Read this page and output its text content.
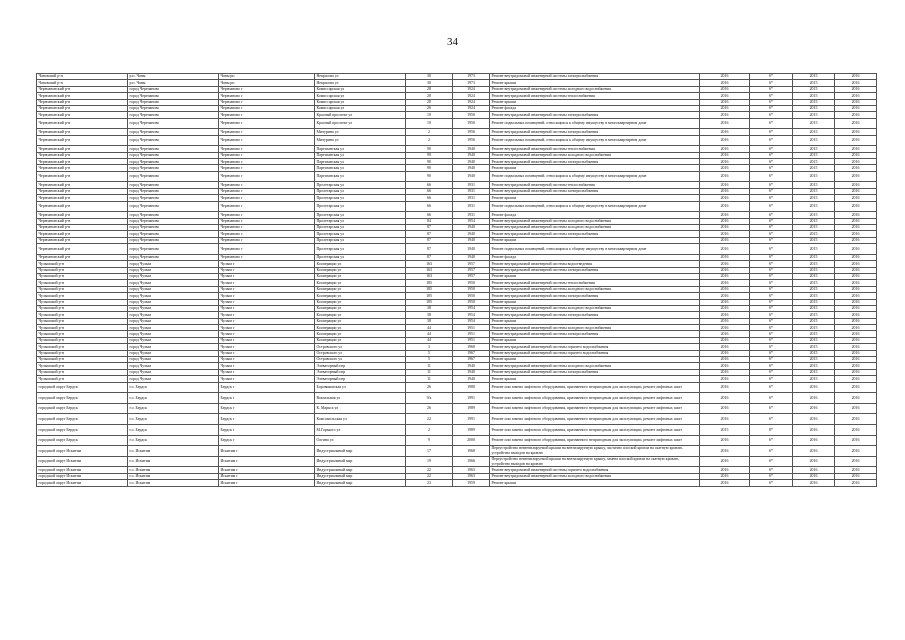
34
Чановский р-н	р.п. Чаны	Чаны рп	Некрасова ул	30	1973	Ремонт внутридомовой инженерной системы электроснабжения	2016	6*	2015	2016
Чановский р-н	р.п. Чаны	Чаны рп	Некрасова ул	30	1973	Ремонт крыши	2016	6*	2015	2016
Черепановский р-н	город Черепаново	Черепаново г	Комиссарская ул	28	1924	Ремонт внутридомовой инженерной системы холодного водоснабжения	2016	6*	2015	2016
Черепановский р-н	город Черепаново	Черепаново г	Комиссарская ул	28	1924	Ремонт внутридомовой инженерной системы теплоснабжения	2016	6*	2015	2016
Черепановский р-н	город Черепаново	Черепаново г	Комиссарская ул	28	1924	Ремонт крыши	2016	6*	2015	2016
Черепановский р-н	город Черепаново	Черепаново г	Комиссарская ул	26	1924	Ремонт фасада	2016	6*	2015	2016
Черепановский р-н	город Черепаново	Черепаново г	Красный проспект ул	10	1950	Ремонт внутридомовой инженерной системы электроснабжения	2016	6*	2015	2016
Черепановский р-н	город Черепаново	Черепаново г	Красный проспект ул	10	1950	Ремонт подвальных помещений, относящихся к общему имуществу в многоквартирном доме	2016	6*	2015	2016
Черепановский р-н	город Черепаново	Черепаново г	Мичурина ул	2	1956	Ремонт внутридомовой инженерной системы электроснабжения	2016	6*	2015	2016
Черепановский р-н	город Черепаново	Черепаново г	Мичурина ул	2	1956	Ремонт подвальных помещений, относящихся к общему имуществу в многоквартирном доме	2016	6*	2015	2016
Черепановский р-н	город Черепаново	Черепаново г	Партизанская ул	90	1940	Ремонт внутридомовой инженерной системы теплоснабжения	2016	6*	2015	2016
Черепановский р-н	город Черепаново	Черепаново г	Партизанская ул	90	1940	Ремонт внутридомовой инженерной системы холодного водоснабжения	2016	6*	2015	2016
Черепановский р-н	город Черепаново	Черепаново г	Партизанская ул	90	1940	Ремонт внутридомовой инженерной системы электроснабжения	2016	6*	2015	2016
Черепановский р-н	город Черепаново	Черепаново г	Партизанская ул	90	1940	Ремонт крыши	2016	6*	2015	2016
Черепановский р-н	город Черепаново	Черепаново г	Партизанская ул	90	1940	Ремонт подвальных помещений, относящихся к общему имуществу в многоквартирном доме	2016	6*	2015	2016
Черепановский р-н	город Черепаново	Черепаново г	Пролетарская ул	66	1931	Ремонт внутридомовой инженерной системы теплоснабжения	2016	6*	2015	2016
Черепановский р-н	город Черепаново	Черепаново г	Пролетарская ул	66	1931	Ремонт внутридомовой инженерной системы электроснабжения	2016	6*	2015	2016
Черепановский р-н	город Черепаново	Черепаново г	Пролетарская ул	66	1931	Ремонт крыши	2016	6*	2015	2016
Черепановский р-н	город Черепаново	Черепаново г	Пролетарская ул	66	1931	Ремонт подвальных помещений, относящихся к общему имуществу в многоквартирном доме	2016	6*	2015	2016
Черепановский р-н	город Черепаново	Черепаново г	Пролетарская ул	66	1931	Ремонт фасада	2016	6*	2015	2016
Черепановский р-н	город Черепаново	Черепаново г	Пролетарская ул	84	1954	Ремонт внутридомовой инженерной системы холодного водоснабжения	2016	6*	2015	2016
Черепановский р-н	город Черепаново	Черепаново г	Пролетарская ул	87	1940	Ремонт внутридомовой инженерной системы холодного водоснабжения	2016	6*	2015	2016
Черепановский р-н	город Черепаново	Черепаново г	Пролетарская ул	87	1940	Ремонт внутридомовой инженерной системы электроснабжения	2016	6*	2015	2016
Черепановский р-н	город Черепаново	Черепаново г	Пролетарская ул	87	1940	Ремонт крыши	2016	6*	2015	2016
Черепановский р-н	город Черепаново	Черепаново г	Пролетарская ул	87	1940	Ремонт подвальных помещений, относящихся к общему имуществу в многоквартирном доме	2016	6*	2015	2016
Черепановский р-н	город Черепаново	Черепаново г	Пролетарская ул	87	1940	Ремонт фасада	2016	6*	2015	2016
Чулымский р-н	город Чулым	Чулым г	Кооперации ул	163	1957	Ремонт внутридомовой инженерной системы водоотведения	2016	6*	2015	2016
Чулымский р-н	город Чулым	Чулым г	Кооперации ул	163	1957	Ремонт внутридомовой инженерной системы электроснабжения	2016	6*	2015	2016
Чулымский р-н	город Чулым	Чулым г	Кооперации ул	163	1957	Ремонт крыши	2016	6*	2015	2016
Чулымский р-н	город Чулым	Чулым г	Кооперации ул	185	1950	Ремонт внутридомовой инженерной системы теплоснабжения	2016	6*	2015	2016
Чулымский р-н	город Чулым	Чулым г	Кооперации ул	185	1950	Ремонт внутридомовой инженерной системы холодного водоснабжения	2016	6*	2015	2016
Чулымский р-н	город Чулым	Чулым г	Кооперации ул	185	1950	Ремонт внутридомовой инженерной системы электроснабжения	2016	6*	2015	2016
Чулымский р-н	город Чулым	Чулым г	Кооперации ул	185	1950	Ремонт крыши	2016	6*	2015	2016
Чулымский р-н	город Чулым	Чулым г	Кооперации ул	38	1954	Ремонт внутридомовой инженерной системы холодного водоснабжения	2016	6*	2015	2016
Чулымский р-н	город Чулым	Чулым г	Кооперации ул	38	1954	Ремонт внутридомовой инженерной системы электроснабжения	2016	6*	2015	2016
Чулымский р-н	город Чулым	Чулым г	Кооперации ул	38	1954	Ремонт крыши	2016	6*	2015	2016
Чулымский р-н	город Чулым	Чулым г	Кооперации ул	44	1951	Ремонт внутридомовой инженерной системы холодного водоснабжения	2016	6*	2015	2016
Чулымский р-н	город Чулым	Чулым г	Кооперации ул	44	1951	Ремонт внутридомовой инженерной системы электроснабжения	2016	6*	2015	2016
Чулымский р-н	город Чулым	Чулым г	Кооперации ул	44	1951	Ремонт крыши	2016	6*	2015	2016
Чулымский р-н	город Чулым	Чулым г	Островского ул	3	1968	Ремонт внутридомовой инженерной системы горячего водоснабжения	2016	6*	2015	2016
Чулымский р-н	город Чулым	Чулым г	Островского ул	5	1967	Ремонт внутридомовой инженерной системы горячего водоснабжения	2016	6*	2015	2016
Чулымский р-н	город Чулым	Чулым г	Островского ул	5	1967	Ремонт крыши	2016	6*	2015	2016
Чулымский р-н	город Чулым	Чулым г	Элеваторный пер	11	1940	Ремонт внутридомовой инженерной системы холодного водоснабжения	2016	6*	2015	2016
Чулымский р-н	город Чулым	Чулым г	Элеваторный пер	11	1940	Ремонт внутридомовой инженерной системы электроснабжения	2016	6*	2015	2016
Чулымский р-н	город Чулым	Чулым г	Элеваторный пер	11	1940	Ремонт крыши	2016	6*	2015	2016
городской округ Бердск	г.о. Бердск	Бердск г	Боровиковская ул	26	1980	Ремонт или замена лифтового оборудования, признанного непригодным для эксплуатации, ремонт лифтовых шахт	2016	6*	2016	2016
городской округ Бердск	г.о. Бердск	Бердск г	Вокзальная ул	9/а	1991	Ремонт или замена лифтового оборудования, признанного непригодным для эксплуатации, ремонт лифтовых шахт	2016	6*	2016	2016
городской округ Бердск	г.о. Бердск	Бердск г	К. Маркса ул	26	1989	Ремонт или замена лифтового оборудования, признанного непригодным для эксплуатации, ремонт лифтовых шахт	2016	6*	2016	2016
городской округ Бердск	г.о. Бердск	Бердск г	Комсомольская ул	22	1991	Ремонт или замена лифтового оборудования, признанного непригодным для эксплуатации, ремонт лифтовых шахт	2016	6*	2016	2016
городской округ Бердск	г.о. Бердск	Бердск г	М.Горького ул	2	1989	Ремонт или замена лифтового оборудования, признанного непригодным для эксплуатации, ремонт лифтовых шахт	2015	8*	2016	2016
городской округ Бердск	г.о. Бердск	Бердск г	Олгина ул	9	2000	Ремонт или замена лифтового оборудования, признанного непригодным для эксплуатации, ремонт лифтовых шахт	2016	6*	2016	2016
городской округ Искитим	г.о. Искитим	Искитим г	Индустриальный мкр	17	1968	Переустройство невентилируемой крыши на вентилируемую крышу, частично плоской кровли на скатную кровлю, устройство выходов на кровлю	2016	6*	2016	2016
городской округ Искитим	г.о. Искитим	Искитим г	Индустриальный мкр	19	1966	Переустройство невентилируемой крыши на вентилируемую крышу, замена плоской кровли на скатную кровлю, устройство выходов на кровлю	2016	6*	2016	2016
городской округ Искитим	г.о. Искитим	Искитим г	Индустриальный мкр	22	1963	Ремонт внутридомовой инженерной системы горячего водоснабжения	2016	6*	2016	2016
городской округ Искитим	г.о. Искитим	Искитим г	Индустриальный мкр	22	1963	Ремонт внутридомовой инженерной системы холодного водоснабжения	2016	6*	2016	2016
городской округ Искитим	г.о. Искитим	Искитим г	Индустриальный мкр	23	1959	Ремонт крыши	2016	6*	2016	2016
